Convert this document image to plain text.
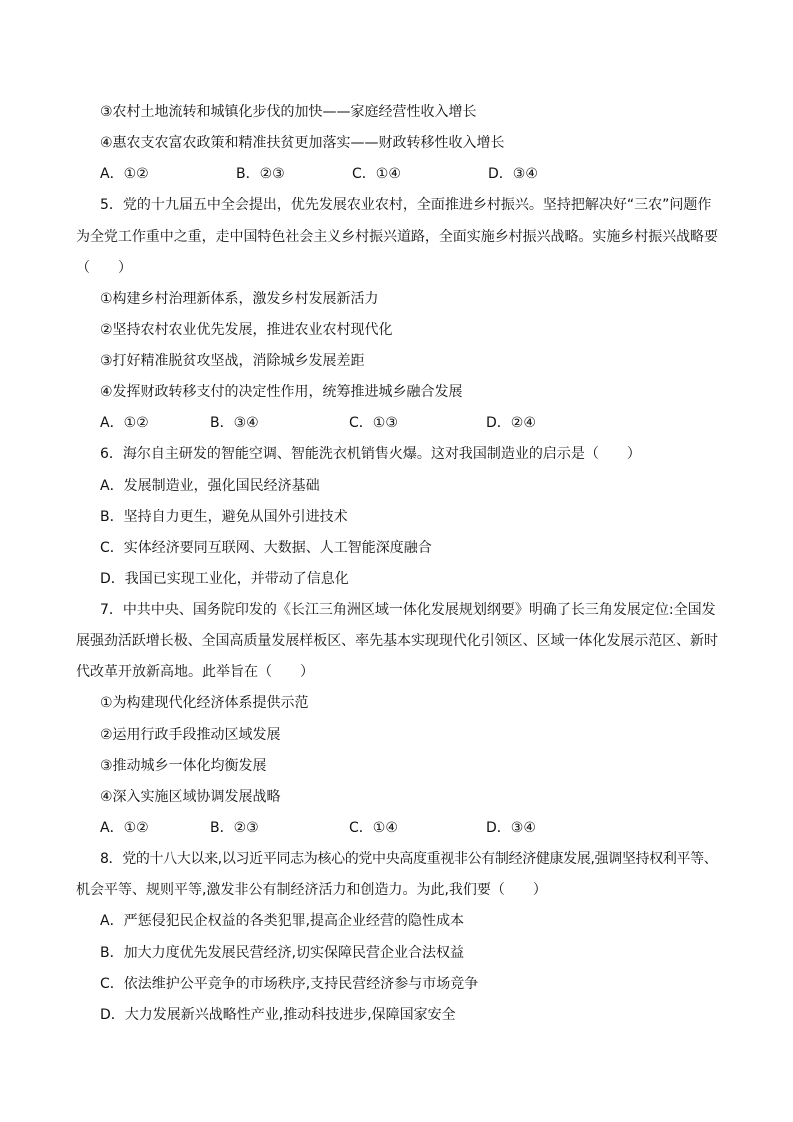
③农村土地流转和城镇化步伐的加快——家庭经营性收入增长
④惠农支农富农政策和精准扶贫更加落实——财政转移性收入增长
A．①②	B．②③	C．①④	D．③④
5．党的十九届五中全会提出，优先发展农业农村，全面推进乡村振兴。坚持把解决好“三农”问题作
为全党工作重中之重，走中国特色社会主义乡村振兴道路，全面实施乡村振兴战略。实施乡村振兴战略要
（　　）
①构建乡村治理新体系，激发乡村发展新活力
②坚持农村农业优先发展，推进农业农村现代化
③打好精准脱贫攻坚战，消除城乡发展差距
④发挥财政转移支付的决定性作用，统筹推进城乡融合发展
A．①②	B．③④	C．①③	D．②④
6．海尔自主研发的智能空调、智能洗衣机销售火爆。这对我国制造业的启示是（　　）
A．发展制造业，强化国民经济基础
B．坚持自力更生，避免从国外引进技术
C．实体经济要同互联网、大数据、人工智能深度融合
D．我国已实现工业化，并带动了信息化
7．中共中央、国务院印发的《长江三角洲区域一体化发展规划纲要》明确了长三角发展定位:全国发
展强劲活跃增长极、全国高质量发展样板区、率先基本实现现代化引领区、区域一体化发展示范区、新时
代改革开放新高地。此举旨在（　　）
①为构建现代化经济体系提供示范
②运用行政手段推动区域发展
③推动城乡一体化均衡发展
④深入实施区域协调发展战略
A．①②	B．②③	C．①④	D．③④
8．党的十八大以来,以习近平同志为核心的党中央高度重视非公有制经济健康发展,强调坚持权利平等、
机会平等、规则平等,激发非公有制经济活力和创造力。为此,我们要（　　）
A．严惩侵犯民企权益的各类犯罪,提高企业经营的隐性成本
B．加大力度优先发展民营经济,切实保障民营企业合法权益
C．依法维护公平竞争的市场秩序,支持民营经济参与市场竞争
D．大力发展新兴战略性产业,推动科技进步,保障国家安全
